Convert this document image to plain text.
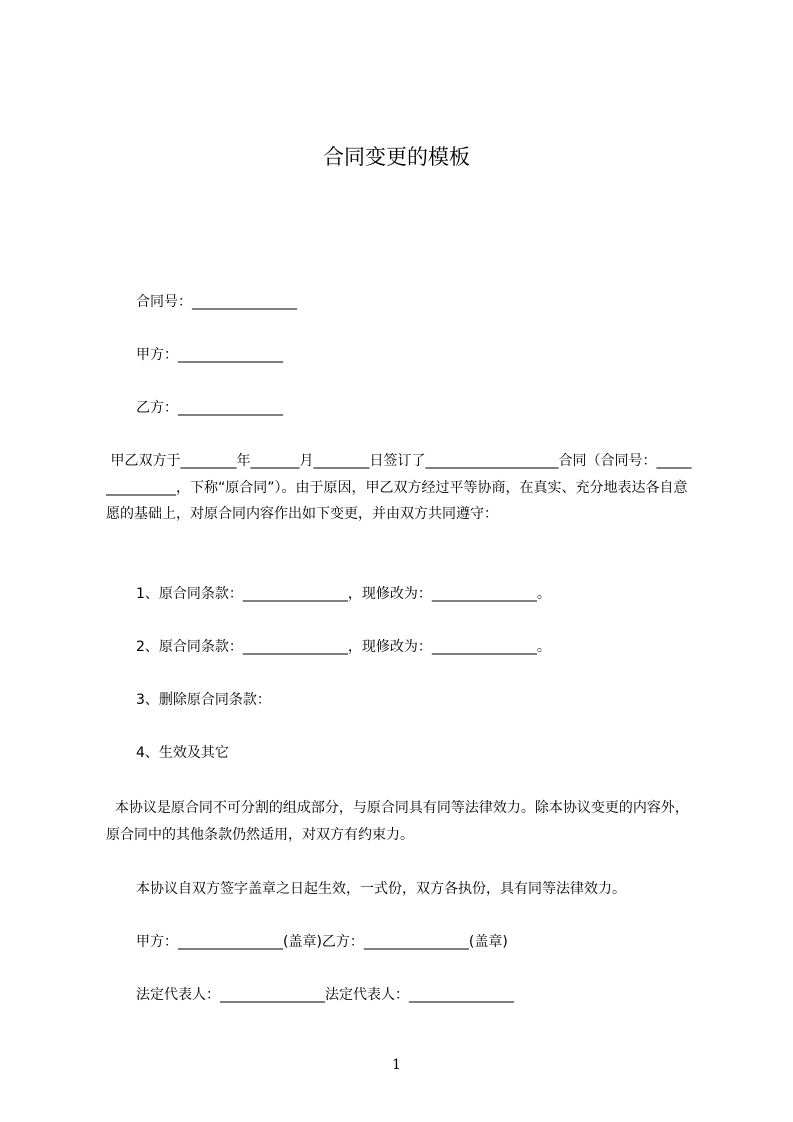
合同变更的模板
合同号：_______________
甲方：_______________
乙方：_______________
甲乙双方于________年_______月________日签订了___________________合同（合同号：_______________，下称“原合同”）。由于原因，甲乙双方经过平等协商，在真实、充分地表达各自意愿的基础上，对原合同内容作出如下变更，并由双方共同遵守：
1、原合同条款：_______________，现修改为：_______________。
2、原合同条款：_______________，现修改为：_______________。
3、删除原合同条款：
4、生效及其它
本协议是原合同不可分割的组成部分，与原合同具有同等法律效力。除本协议变更的内容外，原合同中的其他条款仍然适用，对双方有约束力。
本协议自双方签字盖章之日起生效，一式份，双方各执份，具有同等法律效力。
甲方：_______________(盖章)乙方：_______________(盖章)
法定代表人：_______________法定代表人：_______________
1
